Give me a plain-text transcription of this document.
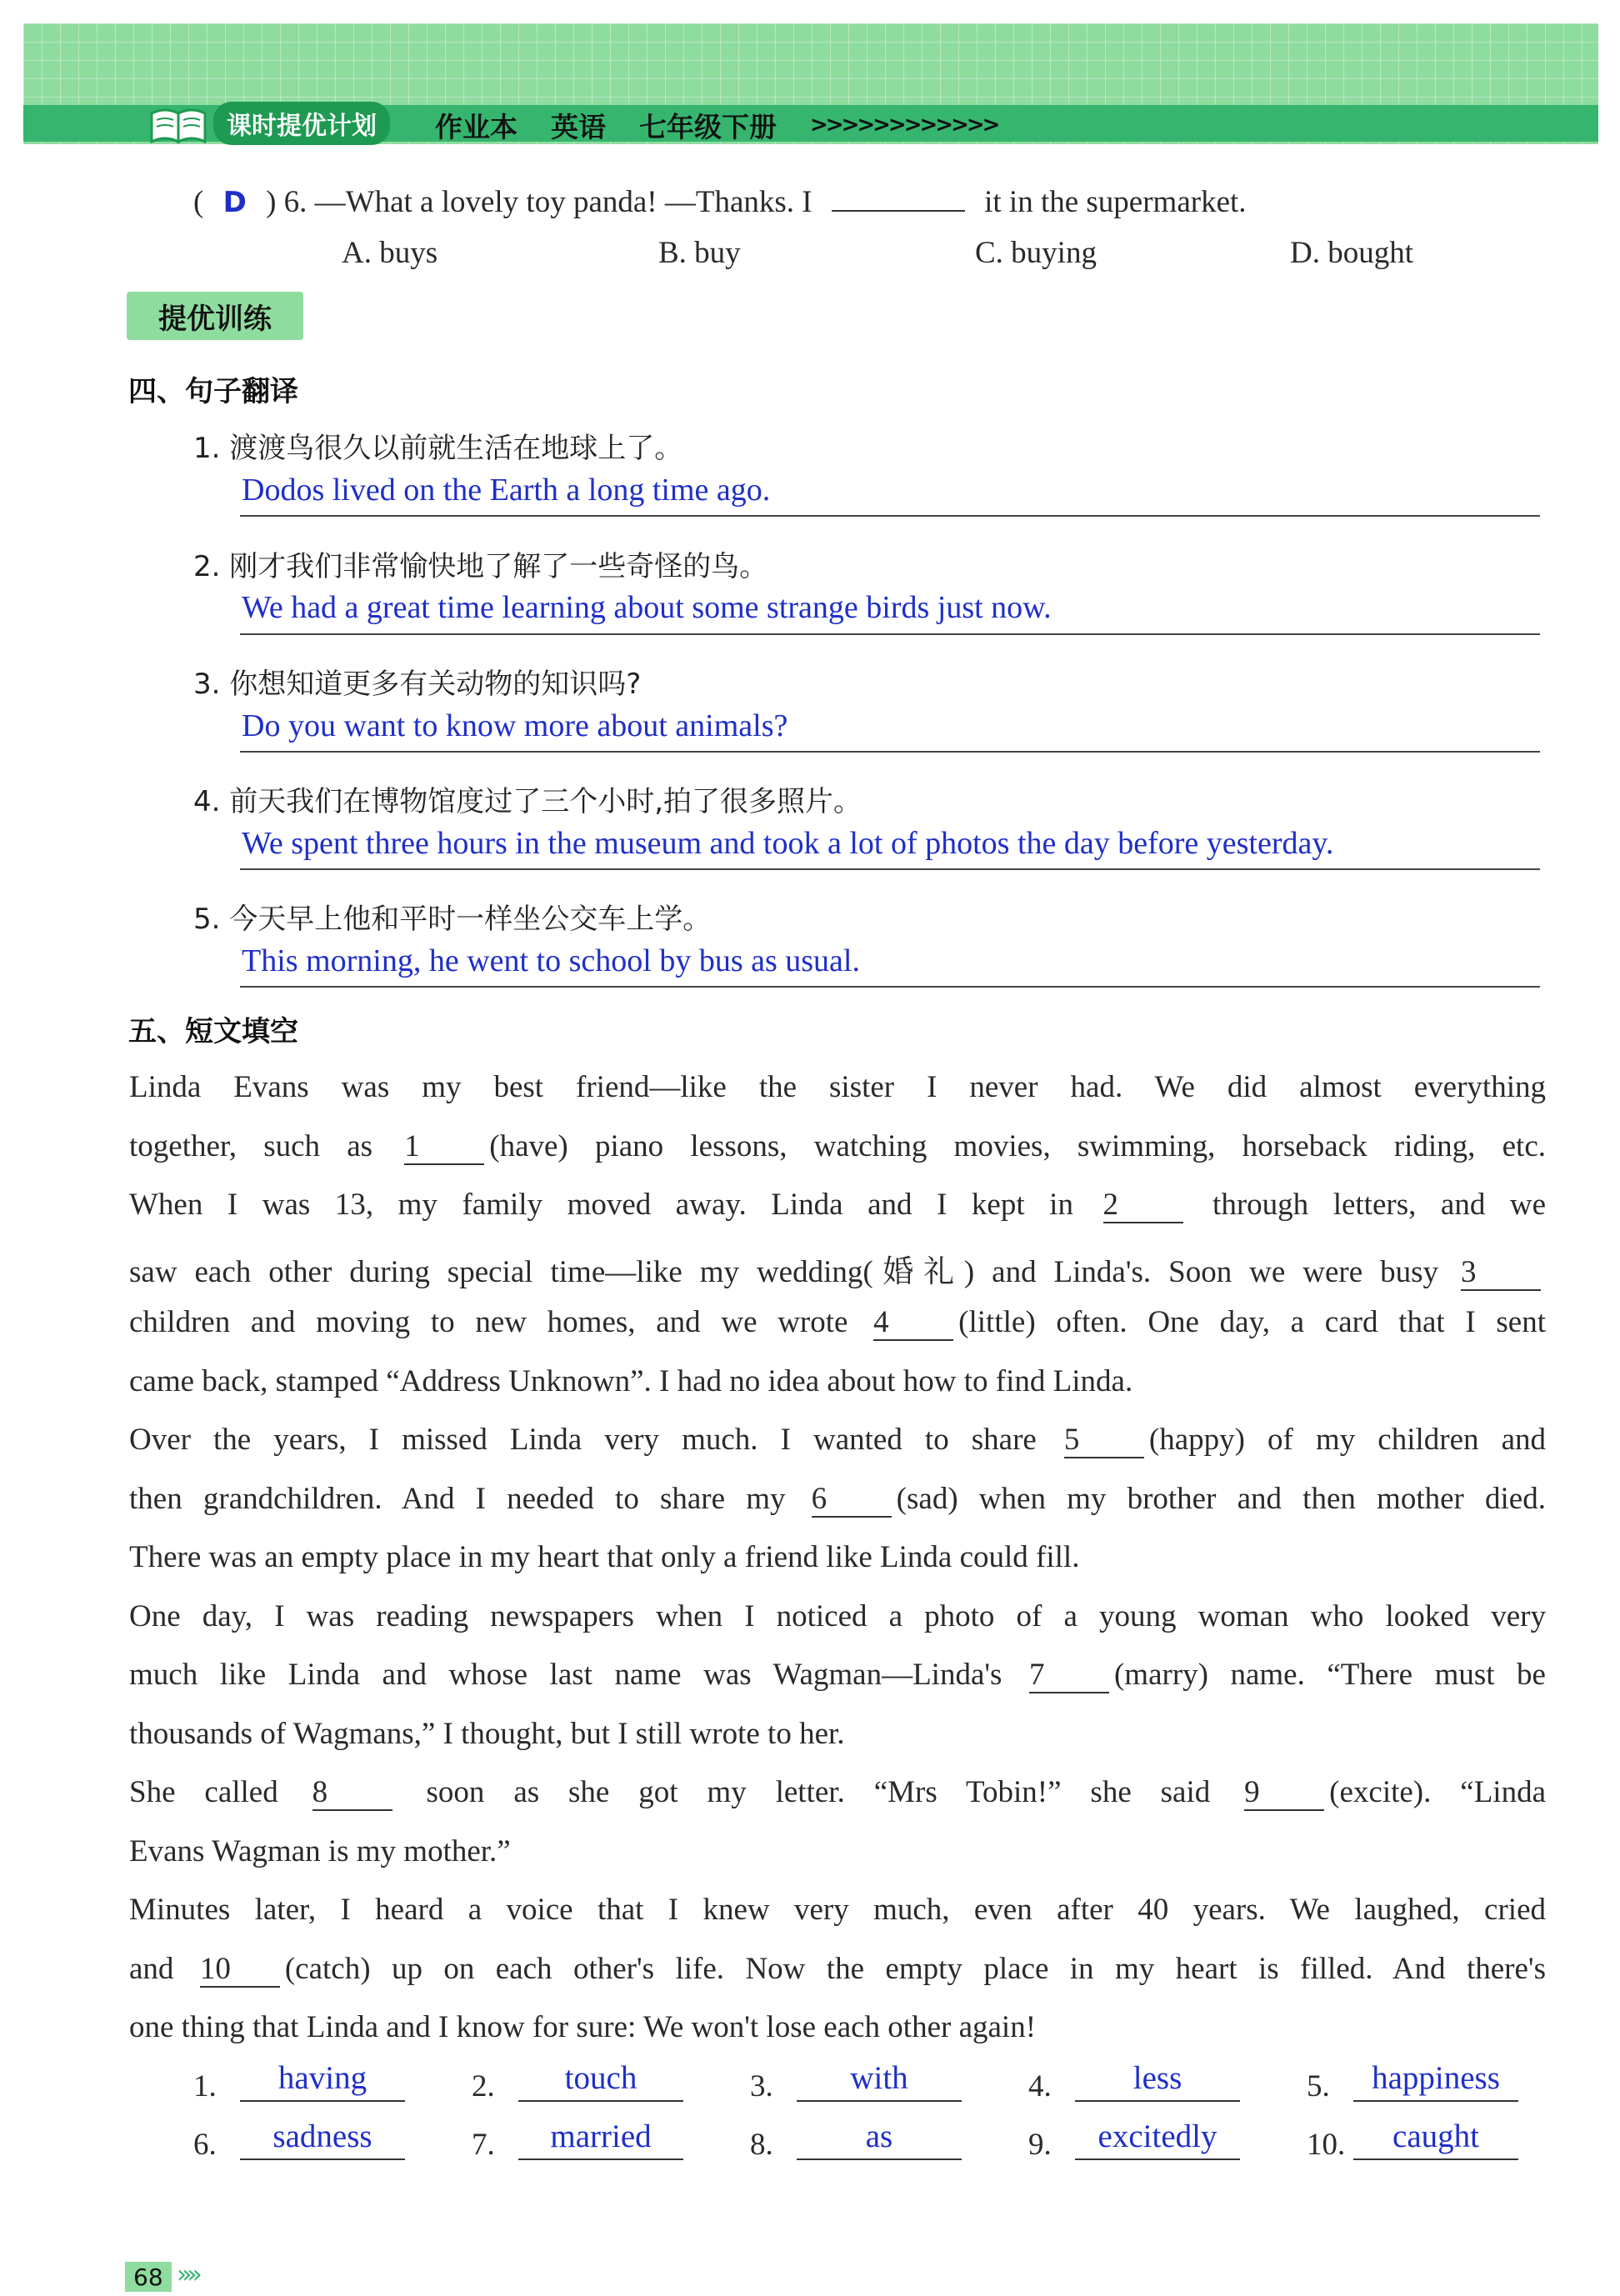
课时提优计划	作业本 英语 七年级下册 >>>>>>>>>>>>
( D ) 6. —What a lovely toy panda! —Thanks. I	it in the supermarket.
A. buys	B. buy	C. buying	D. bought
提优训练
四、句子翻译
1. 渡渡鸟很久以前就生活在地球上了。
Dodos lived on the Earth a long time ago.
2. 刚才我们非常愉快地了解了一些奇怪的鸟。
We had a great time learning about some strange birds just now.
3. 你想知道更多有关动物的知识吗?
Do you want to know more about animals?
4. 前天我们在博物馆度过了三个小时,拍了很多照片。
We spent three hours in the museum and took a lot of photos the day before yesterday.
5. 今天早上他和平时一样坐公交车上学。
This morning, he went to school by bus as usual.
五、短文填空
Linda Evans was my best friend—like the sister I never had. We did almost everything
together, such as 1 (have) piano lessons, watching movies, swimming, horseback riding, etc.
When I was 13, my family moved away. Linda and I kept in 2 through letters, and we
saw each other during special time—like my wedding(婚礼) and Linda's. Soon we were busy 3
children and moving to new homes, and we wrote 4 (little) often. One day, a card that I sent
came back, stamped “Address Unknown”. I had no idea about how to find Linda.
Over the years, I missed Linda very much. I wanted to share 5 (happy) of my children and
then grandchildren. And I needed to share my 6 (sad) when my brother and then mother died.
There was an empty place in my heart that only a friend like Linda could fill.
One day, I was reading newspapers when I noticed a photo of a young woman who looked very
much like Linda and whose last name was Wagman—Linda's 7 (marry) name. “There must be
thousands of Wagmans,” I thought, but I still wrote to her.
She called 8 soon as she got my letter. “Mrs Tobin!” she said 9 (excite). “Linda
Evans Wagman is my mother.”
Minutes later, I heard a voice that I knew very much, even after 40 years. We laughed, cried
and 10 (catch) up on each other's life. Now the empty place in my heart is filled. And there's
one thing that Linda and I know for sure: We won't lose each other again!
1.	having	2.	touch	3.	with	4.	less	5.	happiness
6.	sadness	7.	married	8.	as	9.	excitedly	10.	caught
68 »»
